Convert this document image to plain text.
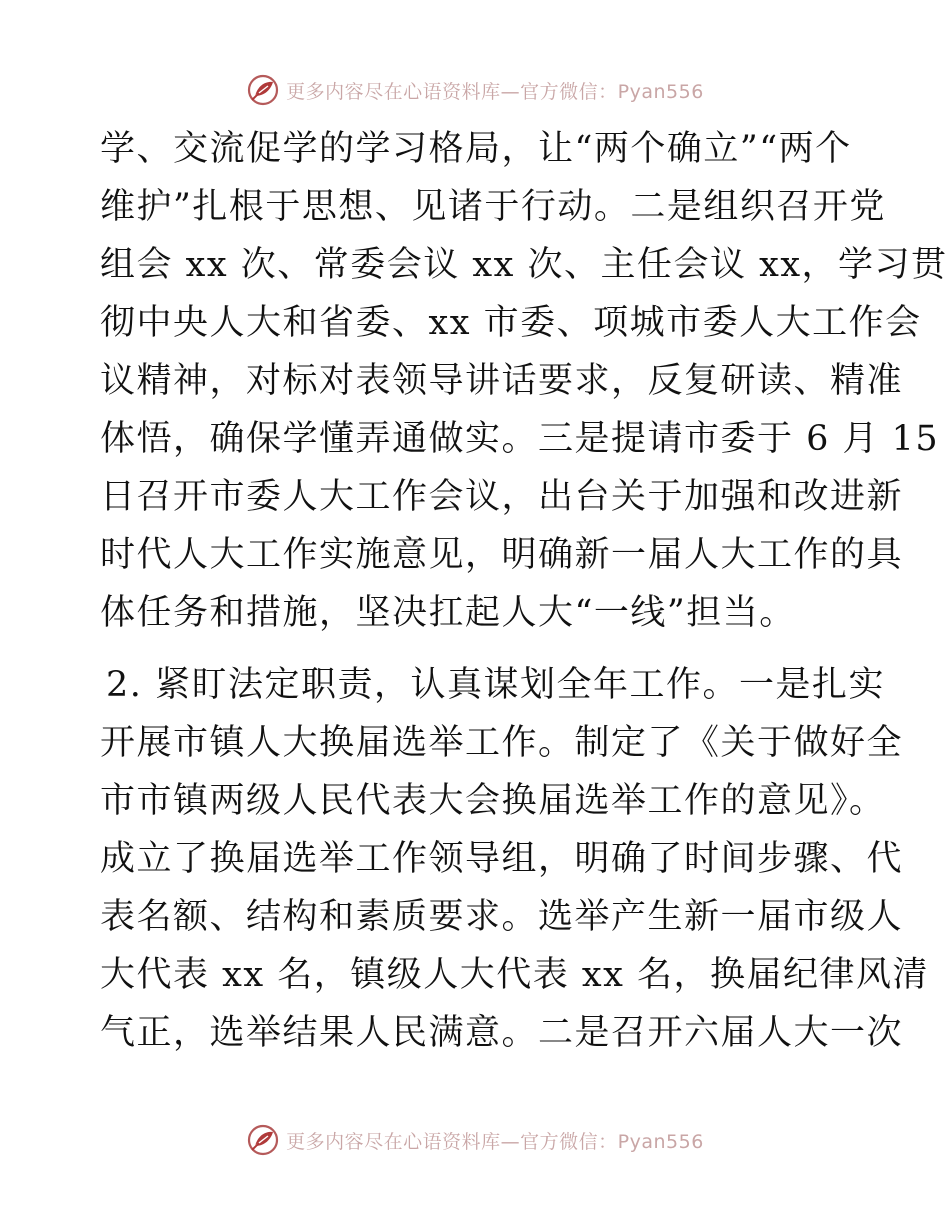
更多内容尽在心语资料库—官方微信：Pyan556
学、交流促学的学习格局，让“两个确立”“两个
维护”扎根于思想、见诸于行动。二是组织召开党
组会 xx 次、常委会议 xx 次、主任会议 xx，学习贯
彻中央人大和省委、xx 市委、项城市委人大工作会
议精神，对标对表领导讲话要求，反复研读、精准
体悟，确保学懂弄通做实。三是提请市委于 6 月 15
日召开市委人大工作会议，出台关于加强和改进新
时代人大工作实施意见，明确新一届人大工作的具
体任务和措施，坚决扛起人大“一线”担当。
2. 紧盯法定职责，认真谋划全年工作。一是扎实
开展市镇人大换届选举工作。制定了《关于做好全
市市镇两级人民代表大会换届选举工作的意见》。
成立了换届选举工作领导组，明确了时间步骤、代
表名额、结构和素质要求。选举产生新一届市级人
大代表 xx 名，镇级人大代表 xx 名，换届纪律风清
气正，选举结果人民满意。二是召开六届人大一次
更多内容尽在心语资料库—官方微信：Pyan556
